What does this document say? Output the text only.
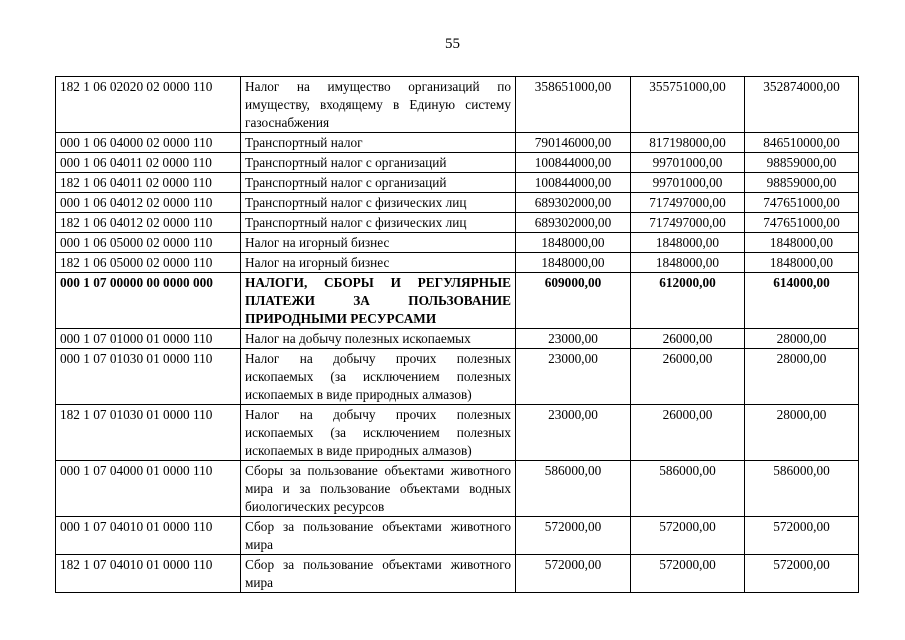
55
182 1 06 02020 02 0000 110	Налог на имущество организаций по имуществу, входящему в Единую систему газоснабжения	358651000,00	355751000,00	352874000,00
000 1 06 04000 02 0000 110	Транспортный налог	790146000,00	817198000,00	846510000,00
000 1 06 04011 02 0000 110	Транспортный налог с организаций	100844000,00	99701000,00	98859000,00
182 1 06 04011 02 0000 110	Транспортный налог с организаций	100844000,00	99701000,00	98859000,00
000 1 06 04012 02 0000 110	Транспортный налог с физических лиц	689302000,00	717497000,00	747651000,00
182 1 06 04012 02 0000 110	Транспортный налог с физических лиц	689302000,00	717497000,00	747651000,00
000 1 06 05000 02 0000 110	Налог на игорный бизнес	1848000,00	1848000,00	1848000,00
182 1 06 05000 02 0000 110	Налог на игорный бизнес	1848000,00	1848000,00	1848000,00
000 1 07 00000 00 0000 000	НАЛОГИ, СБОРЫ И РЕГУЛЯРНЫЕ ПЛАТЕЖИ ЗА ПОЛЬЗОВАНИЕ ПРИРОДНЫМИ РЕСУРСАМИ	609000,00	612000,00	614000,00
000 1 07 01000 01 0000 110	Налог на добычу полезных ископаемых	23000,00	26000,00	28000,00
000 1 07 01030 01 0000 110	Налог на добычу прочих полезных ископаемых (за исключением полезных ископаемых в виде природных алмазов)	23000,00	26000,00	28000,00
182 1 07 01030 01 0000 110	Налог на добычу прочих полезных ископаемых (за исключением полезных ископаемых в виде природных алмазов)	23000,00	26000,00	28000,00
000 1 07 04000 01 0000 110	Сборы за пользование объектами животного мира и за пользование объектами водных биологических ресурсов	586000,00	586000,00	586000,00
000 1 07 04010 01 0000 110	Сбор за пользование объектами животного мира	572000,00	572000,00	572000,00
182 1 07 04010 01 0000 110	Сбор за пользование объектами животного мира	572000,00	572000,00	572000,00
